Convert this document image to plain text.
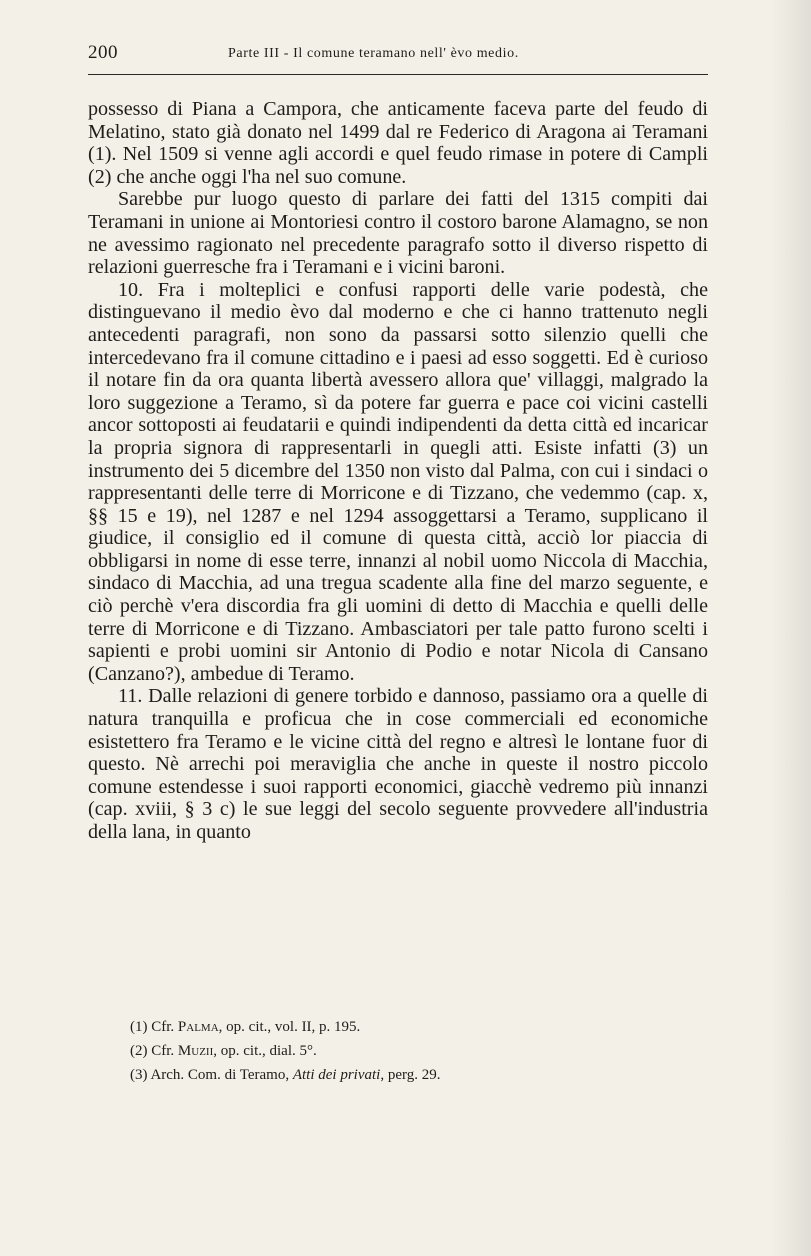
200	Parte III - Il comune teramano nell' èvo medio.

possesso di Piana a Campora, che anticamente faceva parte del feudo di Melatino, stato già donato nel 1499 dal re Federico di Aragona ai Teramani (1). Nel 1509 si venne agli accordi e quel feudo rimase in potere di Campli (2) che anche oggi l'ha nel suo comune.

Sarebbe pur luogo questo di parlare dei fatti del 1315 compiti dai Teramani in unione ai Montoriesi contro il costoro barone Alamagno, se non ne avessimo ragionato nel precedente paragrafo sotto il diverso rispetto di relazioni guerresche fra i Teramani e i vicini baroni.

10. Fra i molteplici e confusi rapporti delle varie podestà, che distinguevano il medio èvo dal moderno e che ci hanno trattenuto negli antecedenti paragrafi, non sono da passarsi sotto silenzio quelli che intercedevano fra il comune cittadino e i paesi ad esso soggetti. Ed è curioso il notare fin da ora quanta libertà avessero allora que' villaggi, malgrado la loro suggezione a Teramo, sì da potere far guerra e pace coi vicini castelli ancor sottoposti ai feudatarii e quindi indipendenti da detta città ed incaricar la propria signora di rappresentarli in quegli atti. Esiste infatti (3) un instrumento dei 5 dicembre del 1350 non visto dal Palma, con cui i sindaci o rappresentanti delle terre di Morricone e di Tizzano, che vedemmo (cap. x, §§ 15 e 19), nel 1287 e nel 1294 assoggettarsi a Teramo, supplicano il giudice, il consiglio ed il comune di questa città, acciò lor piaccia di obbligarsi in nome di esse terre, innanzi al nobil uomo Niccola di Macchia, sindaco di Macchia, ad una tregua scadente alla fine del marzo seguente, e ciò perchè v'era discordia fra gli uomini di detto di Macchia e quelli delle terre di Morricone e di Tizzano. Ambasciatori per tale patto furono scelti i sapienti e probi uomini sir Antonio di Podio e notar Nicola di Cansano (Canzano?), ambedue di Teramo.

11. Dalle relazioni di genere torbido e dannoso, passiamo ora a quelle di natura tranquilla e proficua che in cose commerciali ed economiche esistettero fra Teramo e le vicine città del regno e altresì le lontane fuor di questo. Nè arrechi poi meraviglia che anche in queste il nostro piccolo comune estendesse i suoi rapporti economici, giacchè vedremo più innanzi (cap. xviii, § 3 c) le sue leggi del secolo seguente provvedere all'industria della lana, in quanto

(1) Cfr. Palma, op. cit., vol. II, p. 195.
(2) Cfr. Muzii, op. cit., dial. 5°.
(3) Arch. Com. di Teramo, Atti dei privati, perg. 29.
